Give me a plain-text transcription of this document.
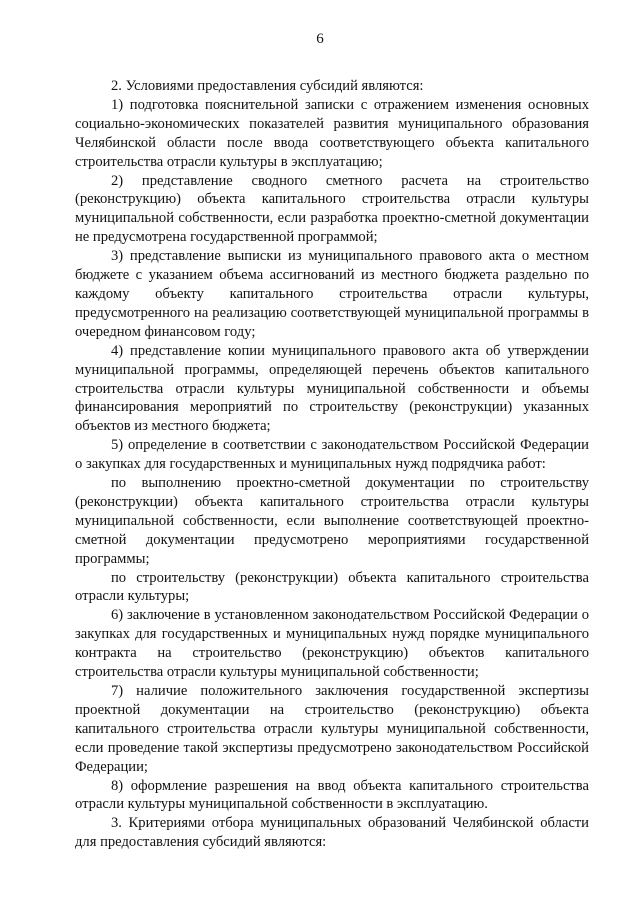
6

2. Условиями предоставления субсидий являются:

1) подготовка пояснительной записки с отражением изменения основных социально-экономических показателей развития муниципального образования Челябинской области после ввода соответствующего объекта капитального строительства отрасли культуры в эксплуатацию;

2) представление сводного сметного расчета на строительство (реконструкцию) объекта капитального строительства отрасли культуры муниципальной собственности, если разработка проектно-сметной документации не предусмотрена государственной программой;

3) представление выписки из муниципального правового акта о местном бюджете с указанием объема ассигнований из местного бюджета раздельно по каждому объекту капитального строительства отрасли культуры, предусмотренного на реализацию соответствующей муниципальной программы в очередном финансовом году;

4) представление копии муниципального правового акта об утверждении муниципальной программы, определяющей перечень объектов капитального строительства отрасли культуры муниципальной собственности и объемы финансирования мероприятий по строительству (реконструкции) указанных объектов из местного бюджета;

5) определение в соответствии с законодательством Российской Федерации о закупках для государственных и муниципальных нужд подрядчика работ:

по выполнению проектно-сметной документации по строительству (реконструкции) объекта капитального строительства отрасли культуры муниципальной собственности, если выполнение соответствующей проектно-сметной документации предусмотрено мероприятиями государственной программы;

по строительству (реконструкции) объекта капитального строительства отрасли культуры;

6) заключение в установленном законодательством Российской Федерации о закупках для государственных и муниципальных нужд порядке муниципального контракта на строительство (реконструкцию) объектов капитального строительства отрасли культуры муниципальной собственности;

7) наличие положительного заключения государственной экспертизы проектной документации на строительство (реконструкцию) объекта капитального строительства отрасли культуры муниципальной собственности, если проведение такой экспертизы предусмотрено законодательством Российской Федерации;

8) оформление разрешения на ввод объекта капитального строительства отрасли культуры муниципальной собственности в эксплуатацию.

3. Критериями отбора муниципальных образований Челябинской области для предоставления субсидий являются:
